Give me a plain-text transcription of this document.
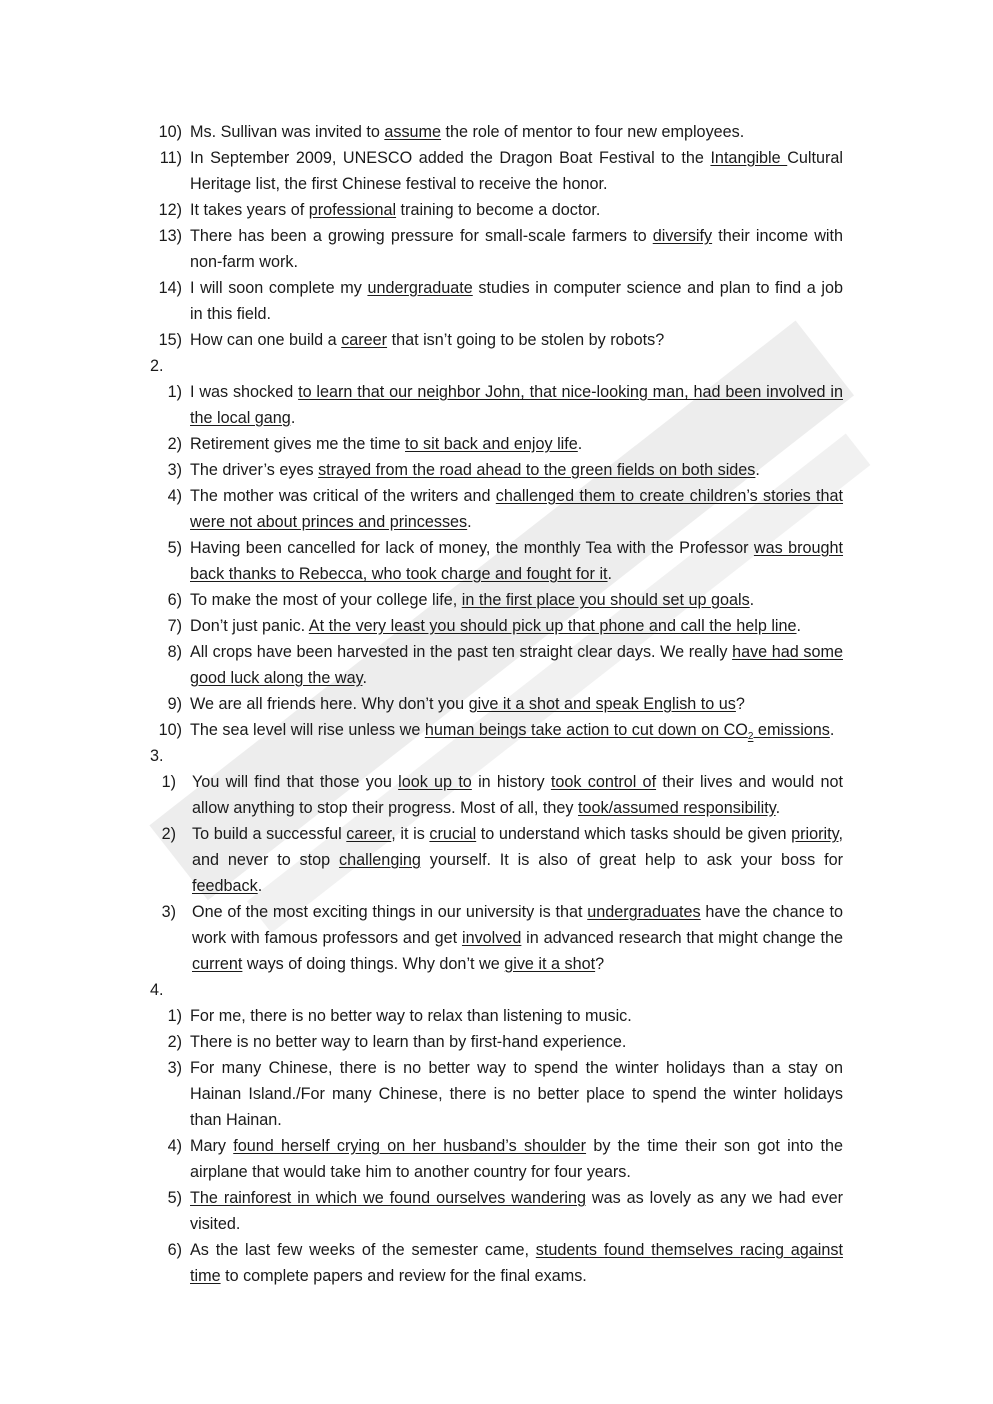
10) Ms. Sullivan was invited to assume the role of mentor to four new employees.
11) In September 2009, UNESCO added the Dragon Boat Festival to the Intangible Cultural Heritage list, the first Chinese festival to receive the honor.
12) It takes years of professional training to become a doctor.
13) There has been a growing pressure for small-scale farmers to diversify their income with non-farm work.
14) I will soon complete my undergraduate studies in computer science and plan to find a job in this field.
15) How can one build a career that isn’t going to be stolen by robots?
2.
1) I was shocked to learn that our neighbor John, that nice-looking man, had been involved in the local gang.
2) Retirement gives me the time to sit back and enjoy life.
3) The driver’s eyes strayed from the road ahead to the green fields on both sides.
4) The mother was critical of the writers and challenged them to create children’s stories that were not about princes and princesses.
5) Having been cancelled for lack of money, the monthly Tea with the Professor was brought back thanks to Rebecca, who took charge and fought for it.
6) To make the most of your college life, in the first place you should set up goals.
7) Don’t just panic. At the very least you should pick up that phone and call the help line.
8) All crops have been harvested in the past ten straight clear days. We really have had some good luck along the way.
9) We are all friends here. Why don’t you give it a shot and speak English to us?
10) The sea level will rise unless we human beings take action to cut down on $CO_2$ emissions.
3.
1) You will find that those you look up to in history took control of their lives and would not allow anything to stop their progress. Most of all, they took/assumed responsibility.
2) To build a successful career, it is crucial to understand which tasks should be given priority, and never to stop challenging yourself. It is also of great help to ask your boss for feedback.
3) One of the most exciting things in our university is that undergraduates have the chance to work with famous professors and get involved in advanced research that might change the current ways of doing things. Why don’t we give it a shot?
4.
1) For me, there is no better way to relax than listening to music.
2) There is no better way to learn than by first-hand experience.
3) For many Chinese, there is no better way to spend the winter holidays than a stay on Hainan Island./For many Chinese, there is no better place to spend the winter holidays than Hainan.
4) Mary found herself crying on her husband’s shoulder by the time their son got into the airplane that would take him to another country for four years.
5) The rainforest in which we found ourselves wandering was as lovely as any we had ever visited.
6) As the last few weeks of the semester came, students found themselves racing against time to complete papers and review for the final exams.
